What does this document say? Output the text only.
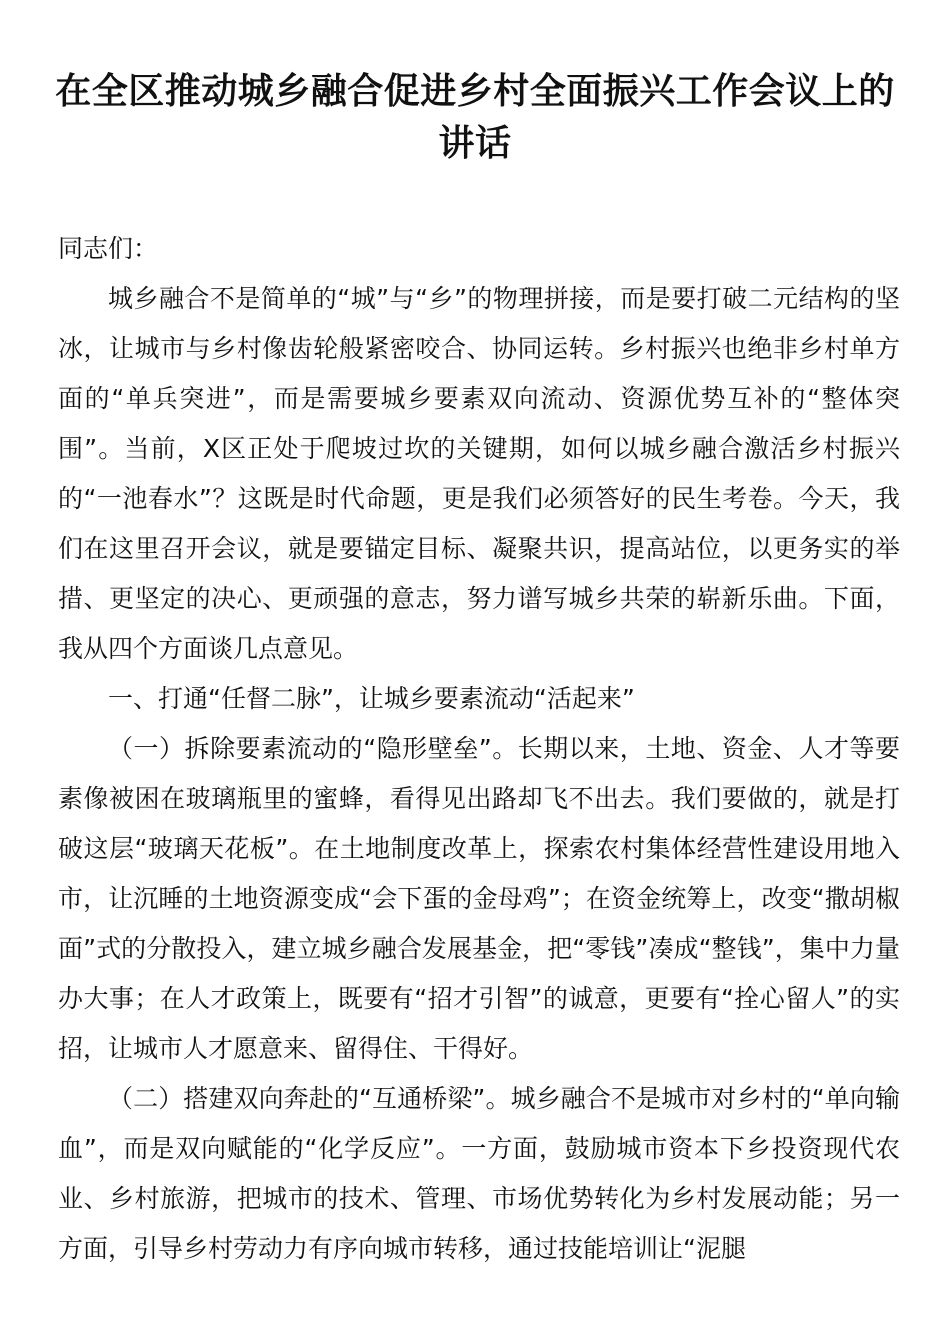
在全区推动城乡融合促进乡村全面振兴工作会议上的讲话

同志们：

城乡融合不是简单的“城”与“乡”的物理拼接，而是要打破二元结构的坚冰，让城市与乡村像齿轮般紧密咬合、协同运转。乡村振兴也绝非乡村单方面的“单兵突进”，而是需要城乡要素双向流动、资源优势互补的“整体突围”。当前，X区正处于爬坡过坎的关键期，如何以城乡融合激活乡村振兴的“一池春水”？这既是时代命题，更是我们必须答好的民生考卷。今天，我们在这里召开会议，就是要锚定目标、凝聚共识，提高站位，以更务实的举措、更坚定的决心、更顽强的意志，努力谱写城乡共荣的崭新乐曲。下面，我从四个方面谈几点意见。

一、打通“任督二脉”，让城乡要素流动“活起来”

（一）拆除要素流动的“隐形壁垒”。长期以来，土地、资金、人才等要素像被困在玻璃瓶里的蜜蜂，看得见出路却飞不出去。我们要做的，就是打破这层“玻璃天花板”。在土地制度改革上，探索农村集体经营性建设用地入市，让沉睡的土地资源变成“会下蛋的金母鸡”；在资金统筹上，改变“撒胡椒面”式的分散投入，建立城乡融合发展基金，把“零钱”凑成“整钱”，集中力量办大事；在人才政策上，既要有“招才引智”的诚意，更要有“拴心留人”的实招，让城市人才愿意来、留得住、干得好。

（二）搭建双向奔赴的“互通桥梁”。城乡融合不是城市对乡村的“单向输血”，而是双向赋能的“化学反应”。一方面，鼓励城市资本下乡投资现代农业、乡村旅游，把城市的技术、管理、市场优势转化为乡村发展动能；另一方面，引导乡村劳动力有序向城市转移，通过技能培训让“泥腿
